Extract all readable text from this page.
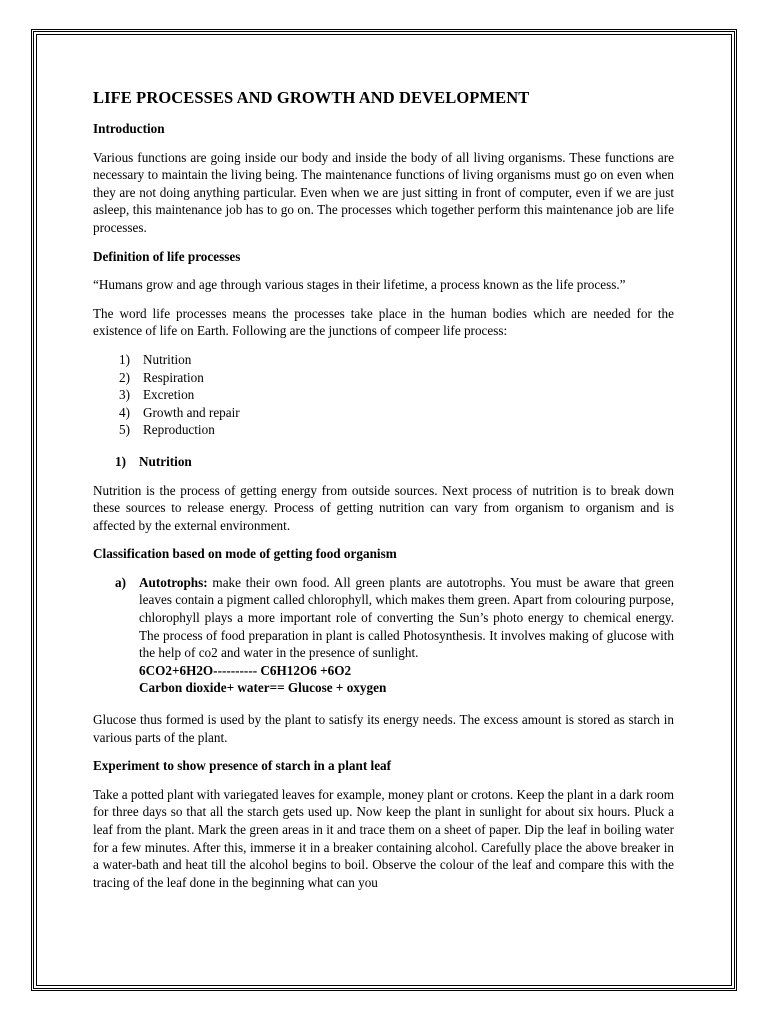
LIFE PROCESSES AND GROWTH AND DEVELOPMENT
Introduction

Various functions are going inside our body and inside the body of all living organisms. These functions are necessary to maintain the living being. The maintenance functions of living organisms must go on even when they are not doing anything particular. Even when we are just sitting in front of computer, even if we are just asleep, this maintenance job has to go on. The processes which together perform this maintenance job are life processes.

Definition of life processes

“Humans grow and age through various stages in their lifetime, a process known as the life process.”

The word life processes means the processes take place in the human bodies which are needed for the existence of life on Earth. Following are the junctions of compeer life process:

1) Nutrition
2) Respiration
3) Excretion
4) Growth and repair
5) Reproduction
1) Nutrition

Nutrition is the process of getting energy from outside sources. Next process of nutrition is to break down these sources to release energy. Process of getting nutrition can vary from organism to organism and is affected by the external environment.

Classification based on mode of getting food organism
a) Autotrophs: make their own food. All green plants are autotrophs. You must be aware that green leaves contain a pigment called chlorophyll, which makes them green. Apart from colouring purpose, chlorophyll plays a more important role of converting the Sun’s photo energy to chemical energy. The process of food preparation in plant is called Photosynthesis. It involves making of glucose with the help of co2 and water in the presence of sunlight.
6CO2+6H2O---------- C6H12O6 +6O2
Carbon dioxide+ water== Glucose + oxygen

Glucose thus formed is used by the plant to satisfy its energy needs. The excess amount is stored as starch in various parts of the plant.

Experiment to show presence of starch in a plant leaf

Take a potted plant with variegated leaves for example, money plant or crotons. Keep the plant in a dark room for three days so that all the starch gets used up. Now keep the plant in sunlight for about six hours. Pluck a leaf from the plant. Mark the green areas in it and trace them on a sheet of paper. Dip the leaf in boiling water for a few minutes. After this, immerse it in a breaker containing alcohol. Carefully place the above breaker in a water-bath and heat till the alcohol begins to boil. Observe the colour of the leaf and compare this with the tracing of the leaf done in the beginning what can you
